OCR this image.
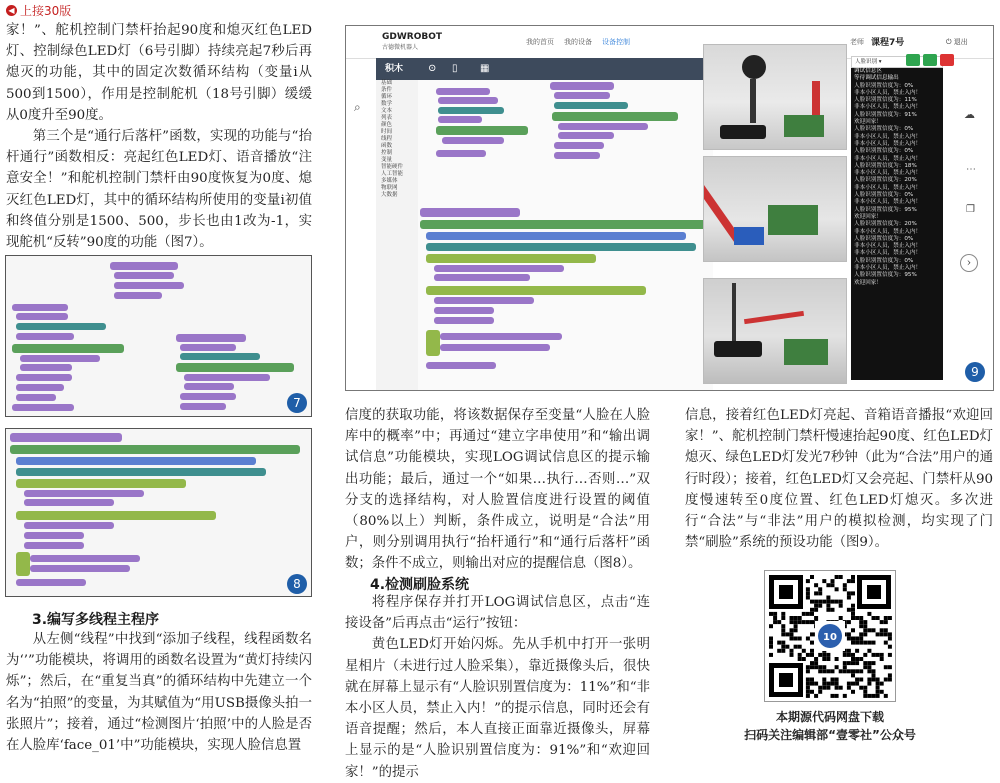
◀ 上接30版

家！”、舵机控制门禁杆抬起90度和熄灭红色LED灯、控制绿色LED灯（6号引脚）持续亮起7秒后再熄灭的功能，其中的固定次数循环结构（变量i从500到1500），作用是控制舵机（18号引脚）缓缓从0度升至90度。

第三个是“通行后落杆”函数，实现的功能与“抬杆通行”函数相反：亮起红色LED灯、语音播放“注意安全！”和舵机控制门禁杆由90度恢复为0度、熄灭红色LED灯，其中的循环结构所使用的变量i初值和终值分别是1500、500，步长也由1改为-1，实现舵机“反转”90度的功能（图7）。

7
8
3.编写多线程主程序

从左侧“线程”中找到“添加子线程，线程函数名为‘’”功能模块，将调用的函数名设置为“黄灯持续闪烁”；然后，在“重复当真”的循环结构中先建立一个名为“拍照”的变量，为其赋值为“用USB摄像头拍一张照片”；接着，通过“检测图片‘拍照’中的人脸是否在人脸库‘face_01’中”功能模块，实现人脸信息置

GDWROBOT
古德微机器人
我的首页 我的设备 设备控制	老师 课程7号	⏻ 退出
积木	⊙ ▯ ▦
⌕
基础
条件
循环
数学
文本
列表
颜色
时间
线程
函数
控制
变量
智能硬件
人工智能
多媒体
物联网
大数据
人脸识别 ▾
调试信息区
等待调试信息输出
人脸识别置信度为：0%
非本小区人员，禁止入内！
人脸识别置信度为：11%
非本小区人员，禁止入内！
人脸识别置信度为：91%
欢迎回家！
人脸识别置信度为：0%
非本小区人员，禁止入内！
非本小区人员，禁止入内！
人脸识别置信度为：0%
非本小区人员，禁止入内！
人脸识别置信度为：18%
非本小区人员，禁止入内！
人脸识别置信度为：20%
非本小区人员，禁止入内！
人脸识别置信度为：0%
非本小区人员，禁止入内！
人脸识别置信度为：95%
欢迎回家！
人脸识别置信度为：20%
非本小区人员，禁止入内！
人脸识别置信度为：0%
非本小区人员，禁止入内！
非本小区人员，禁止入内！
人脸识别置信度为：0%
非本小区人员，禁止入内！
人脸识别置信度为：95%
欢迎回家！
☁
⋯
❐
›
9

信度的获取功能，将该数据保存至变量“人脸在人脸库中的概率”中；再通过“建立字串使用”和“输出调试信息”功能模块，实现LOG调试信息区的提示输出功能；最后，通过一个“如果…执行…否则…”双分支的选择结构，对人脸置信度进行设置的阈值（80%以上）判断，条件成立，说明是“合法”用户，则分别调用执行“抬杆通行”和“通行后落杆”函数；条件不成立，则输出对应的提醒信息（图8）。

4.检测刷脸系统

将程序保存并打开LOG调试信息区，点击“连接设备”后再点击“运行”按钮：

黄色LED灯开始闪烁。先从手机中打开一张明星相片（未进行过人脸采集），靠近摄像头后，很快就在屏幕上显示有“人脸识别置信度为：11%”和“非本小区人员，禁止入内！”的提示信息，同时还会有语音提醒；然后，本人直接正面靠近摄像头，屏幕上显示的是“人脸识别置信度为：91%”和“欢迎回家！”的提示

信息，接着红色LED灯亮起、音箱语音播报“欢迎回家！”、舵机控制门禁杆慢速抬起90度、红色LED灯熄灭、绿色LED灯发光7秒钟（此为“合法”用户的通行时段）；接着，红色LED灯又会亮起、门禁杆从90度慢速转至0度位置、红色LED灯熄灭。多次进行“合法”与“非法”用户的模拟检测，均实现了门禁“刷脸”系统的预设功能（图9）。

10
本期源代码网盘下载
扫码关注编辑部“壹零社”公众号
